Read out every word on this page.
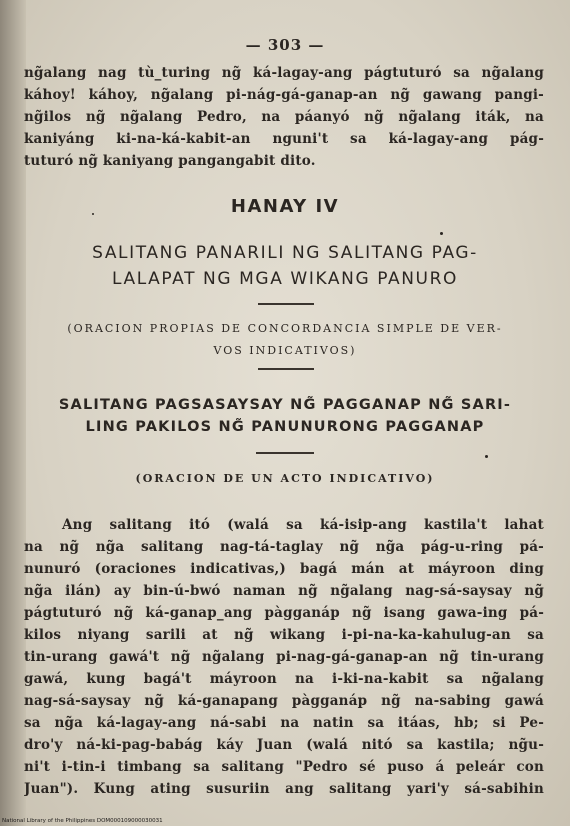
— 303 —
ng̃alang nag tù_turing ng̃ ká-lagay-ang págtuturó sa ng̃alang
káhoy! káhoy, ng̃alang pi-nág-gá-ganap-an ng̃ gawang pangi-
ng̃ilos ng̃ ng̃alang Pedro, na páanyó ng̃ ng̃alang iták, na
kaniyáng ki-na-ká-kabit-an nguni't sa ká-lagay-ang pág-
tuturó ng̃ kaniyang pangangabit dito.
HANAY IV
SALITANG PANARILI NG SALITANG PAG-
LALAPAT NG MGA WIKANG PANURO
(ORACION PROPIAS DE CONCORDANCIA SIMPLE DE VER-
VOS INDICATIVOS)
SALITANG PAGSASAYSAY NG̃ PAGGANAP NG̃ SARI-
LING PAKILOS NG̃ PANUNURONG PAGGANAP
(ORACION DE UN ACTO INDICATIVO)
Ang salitang itó (walá sa ká-isip-ang kastila't lahat
na ng̃ ng̃a salitang nag-tá-taglay ng̃ ng̃a pág-u-ring pá-
nunuró (oraciones indicativas,) bagá mán at máyroon ding
ng̃a ilán) ay bin-ú-bwó naman ng̃ ng̃alang nag-sá-saysay ng̃
págtuturó ng̃ ká-ganap_ang pàgganáp ng̃ isang gawa-ing pá-
kilos niyang sarili at ng̃ wikang i-pi-na-ka-kahulug-an sa
tin-urang gawá't ng̃ ng̃alang pi-nag-gá-ganap-an ng̃ tin-urang
gawá, kung bagá't máyroon na i-ki-na-kabit sa ng̃alang
nag-sá-saysay ng̃ ká-ganapang pàgganáp ng̃ na-sabing gawá
sa ng̃a ká-lagay-ang ná-sabi na natin sa itáas, hb; si Pe-
dro'y ná-ki-pag-babág káy Juan (walá nitó sa kastila; ng̃u-
ni't i-tin-i timbang sa salitang "Pedro sé puso á peleár con
Juan"). Kung ating susuriin ang salitang yari'y sá-sabihin
National Library of the Philippines DOM000109000030031
